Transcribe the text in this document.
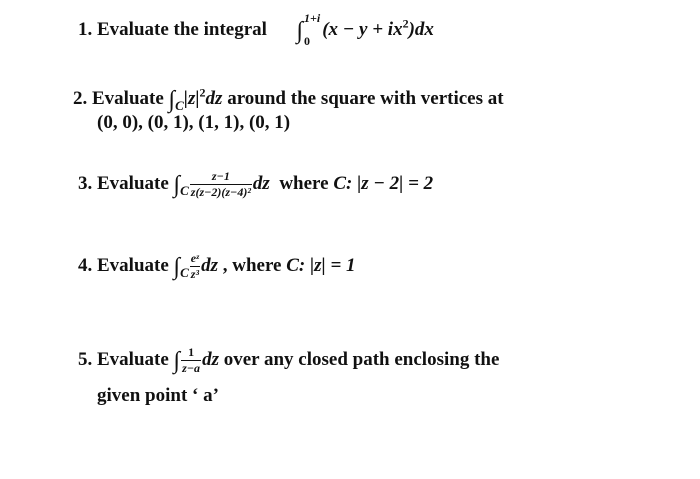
1. Evaluate the integral ∫ 1+i
0
$(x - y + ix^2)dx$
2. Evaluate $\int_C|z|^2dz$ around the square with vertices at
(0, 0), (0, 1), (1, 1), (0, 1)
3. Evaluate $\int_C \frac{z-1}{\text{z(z−2)(z−4)²}}$ dz where C: |z − 2| = 2
4. Evaluate $\int_C \frac{\text{eᶻ}}{\text{z³}}$ dz , where C: |z| = 1
5. Evaluate ∫ $\frac{1}{z-a}$ dz over any closed path enclosing the
given point ‘ a’
